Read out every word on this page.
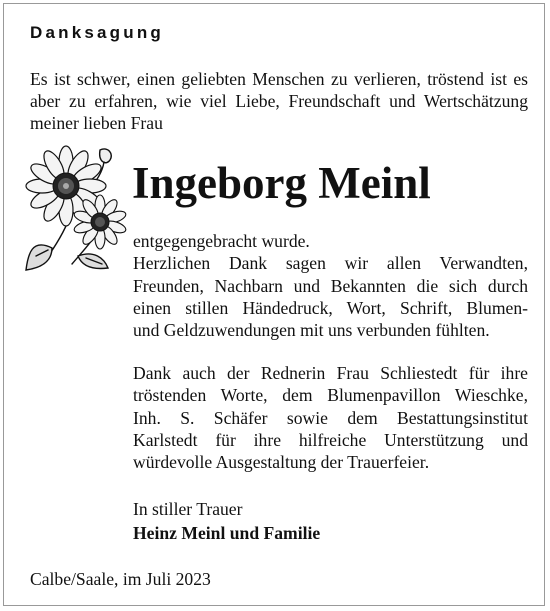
Danksagung

Es ist schwer, einen geliebten Menschen zu verlieren, tröstend ist es aber zu erfahren, wie viel Liebe, Freundschaft und Wertschätzung meiner lieben Frau

Ingeborg Meinl

entgegengebracht wurde.
Herzlichen Dank sagen wir allen Verwandten,
Freunden, Nachbarn und Bekannten die sich durch
einen stillen Händedruck, Wort, Schrift, Blumen-
und Geldzuwendungen mit uns verbunden fühlten.

Dank auch der Rednerin Frau Schliestedt für ihre
tröstenden Worte, dem Blumenpavillon Wieschke,
Inh. S. Schäfer sowie dem Bestattungsinstitut
Karlstedt für ihre hilfreiche Unterstützung und
würdevolle Ausgestaltung der Trauerfeier.

In stiller Trauer

Heinz Meinl und Familie

Calbe/Saale, im Juli 2023
